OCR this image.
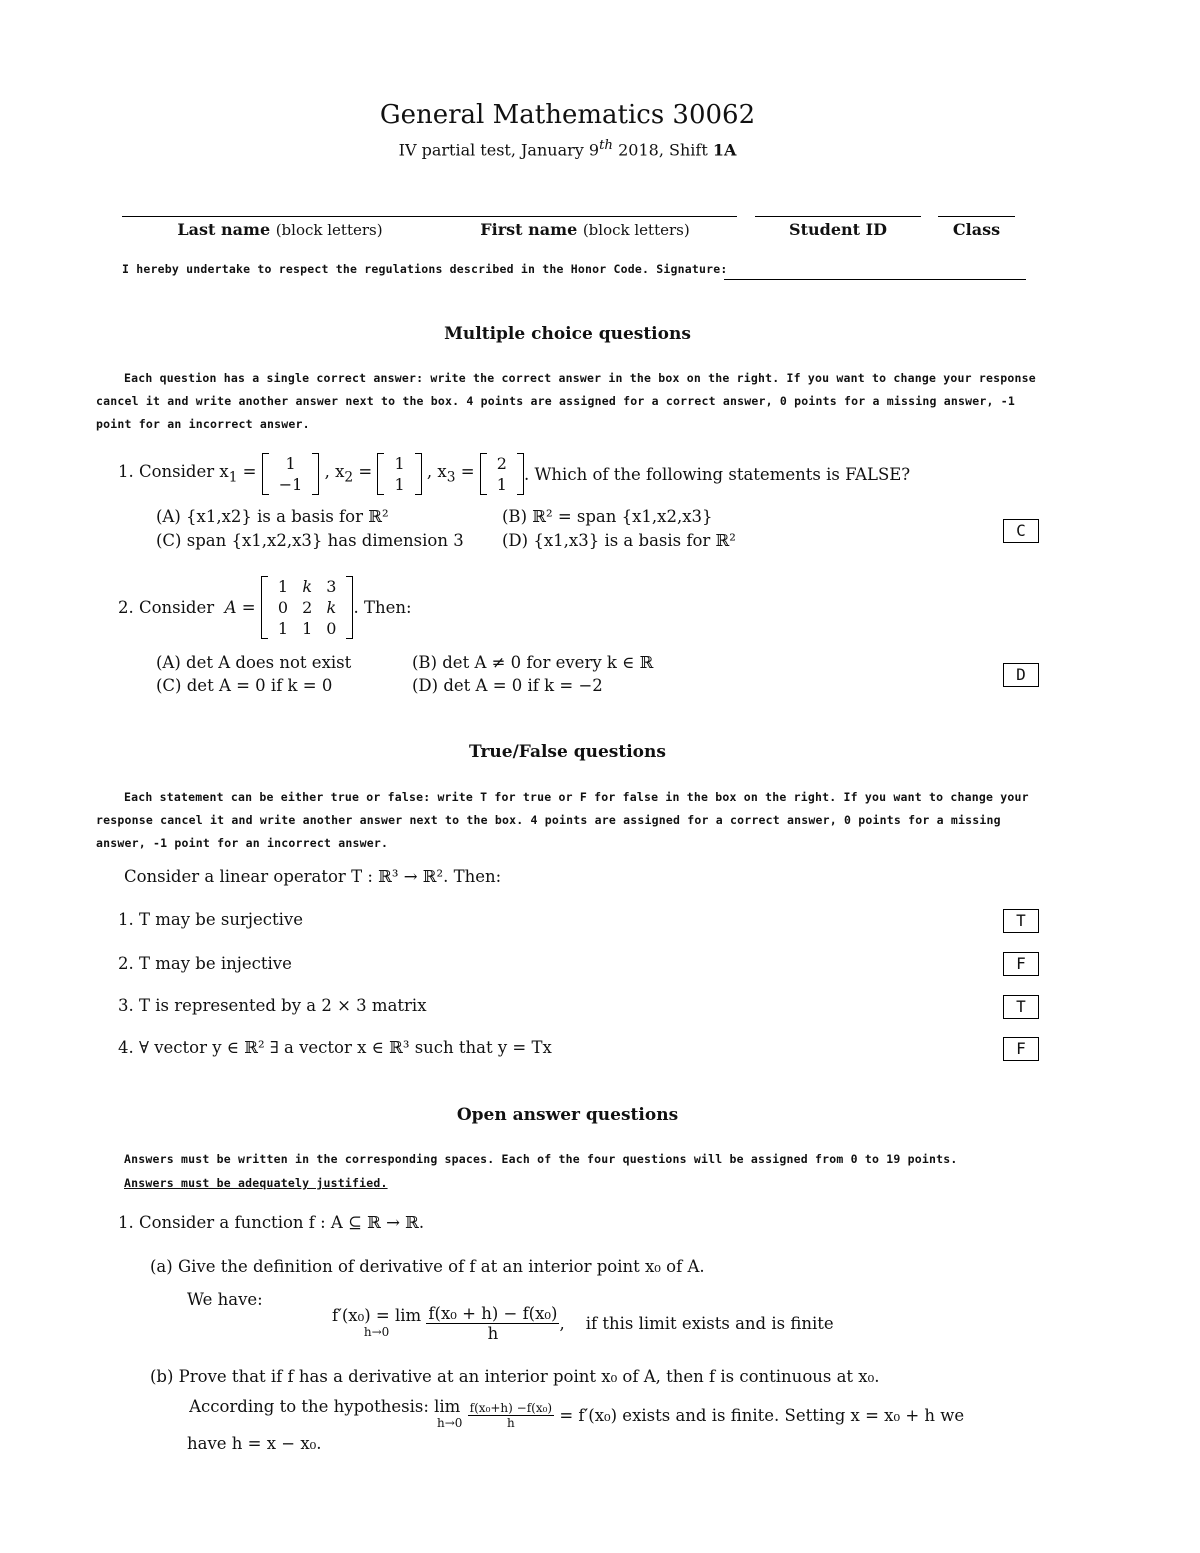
General Mathematics 30062
IV partial test, January 9th 2018, Shift 1A
Last name (block letters)	First name (block letters)	Student ID	Class
I hereby undertake to respect the regulations described in the Honor Code. Signature:
Multiple choice questions
Each question has a single correct answer: write the correct answer in the box on the right. If you want to change your response cancel it and write another answer next to the box. 4 points are assigned for a correct answer, 0 points for a missing answer, -1 point for an incorrect answer.
1. Consider $x_1 = 1$
−1
, $x_2 = 1$
1
, $x_3 = 2$
1
. Which of the following statements is FALSE?
(A) {x1,x2} is a basis for ℝ²	(B) ℝ² = span {x1,x2,x3}
(C) span {x1,x2,x3} has dimension 3 (D) {x1,x3} is a basis for ℝ²
C
2. Consider
A =

1	k	3
0	2	k
1	1	0
. Then:
(A) det A does not exist	(B) det A ≠ 0 for every k ∈ ℝ
(C) det A = 0 if k = 0	(D) det A = 0 if k = −2
D
True/False questions
Each statement can be either true or false: write T for true or F for false in the box on the right. If you want to change your response cancel it and write another answer next to the box. 4 points are assigned for a correct answer, 0 points for a missing answer, -1 point for an incorrect answer.
Consider a linear operator T : ℝ³ → ℝ². Then:
1. T may be surjective	T
2. T may be injective	F
3. T is represented by a 2 × 3 matrix	T
4. ∀ vector y ∈ ℝ² ∃ a vector x ∈ ℝ³ such that y = Tx	F
Open answer questions
Answers must be written in the corresponding spaces. Each of the four questions will be assigned from 0 to 19 points.
Answers must be adequately justified.
1. Consider a function f : A ⊆ ℝ → ℝ.
(a) Give the definition of derivative of f at an interior point x₀ of A.
We have:
f′(x₀) = lim
h→0
	$\frac{\text{f(x₀ + h) − f(x₀)}}{h}$ ,    if this limit exists and is finite
(b) Prove that if f has a derivative at an interior point x₀ of A, then f is continuous at x₀.
According to the hypothesis: lim
h→0
$\frac{\text{f(x₀+h) −f(x₀)}}{h}$
= f′(x₀) exists and is finite. Setting x = x₀ + h we
have h = x − x₀.
